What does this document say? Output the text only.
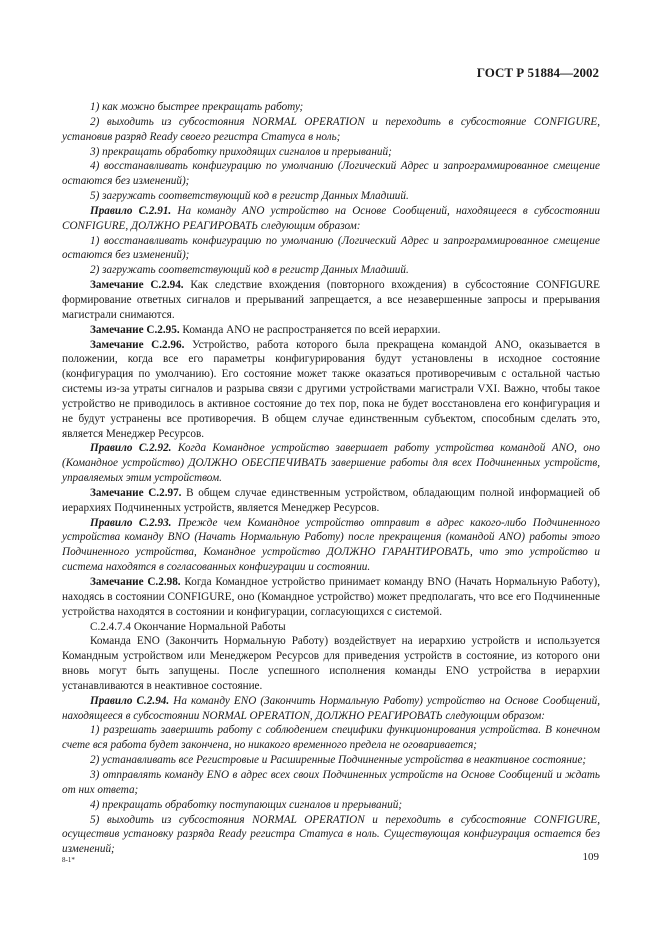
ГОСТ Р 51884—2002

1) как можно быстрее прекращать работу;

2) выходить из субсостояния NORMAL OPERATION и переходить в субсостояние CONFIGURE, установив разряд Ready своего регистра Статуса в ноль;

3) прекращать обработку приходящих сигналов и прерываний;

4) восстанавливать конфигурацию по умолчанию (Логический Адрес и запрограммированное смещение остаются без изменений);

5) загружать соответствующий код в регистр Данных Младший.

Правило С.2.91. На команду ANO устройство на Основе Сообщений, находящееся в субсостоянии CONFIGURE, ДОЛЖНО РЕАГИРОВАТЬ следующим образом:

1) восстанавливать конфигурацию по умолчанию (Логический Адрес и запрограммированное смещение остаются без изменений);

2) загружать соответствующий код в регистр Данных Младший.

Замечание С.2.94. Как следствие вхождения (повторного вхождения) в субсостояние CONFIGURE формирование ответных сигналов и прерываний запрещается, а все незавершенные запросы и прерывания магистрали снимаются.

Замечание С.2.95. Команда ANO не распространяется по всей иерархии.

Замечание С.2.96. Устройство, работа которого была прекращена командой ANO, оказывается в положении, когда все его параметры конфигурирования будут установлены в исходное состояние (конфигурация по умолчанию). Его состояние может также оказаться противоречивым с остальной частью системы из-за утраты сигналов и разрыва связи с другими устройствами магистрали VXI. Важно, чтобы такое устройство не приводилось в активное состояние до тех пор, пока не будет восстановлена его конфигурация и не будут устранены все противоречия. В общем случае единственным субъектом, способным сделать это, является Менеджер Ресурсов.

Правило С.2.92. Когда Командное устройство завершает работу устройства командой ANO, оно (Командное устройство) ДОЛЖНО ОБЕСПЕЧИВАТЬ завершение работы для всех Подчиненных устройств, управляемых этим устройством.

Замечание С.2.97. В общем случае единственным устройством, обладающим полной информацией об иерархиях Подчиненных устройств, является Менеджер Ресурсов.

Правило С.2.93. Прежде чем Командное устройство отправит в адрес какого-либо Подчиненного устройства команду BNO (Начать Нормальную Работу) после прекращения (командой ANO) работы этого Подчиненного устройства, Командное устройство ДОЛЖНО ГАРАНТИРОВАТЬ, что это устройство и система находятся в согласованных конфигурации и состоянии.

Замечание С.2.98. Когда Командное устройство принимает команду BNO (Начать Нормальную Работу), находясь в состоянии CONFIGURE, оно (Командное устройство) может предполагать, что все его Подчиненные устройства находятся в состоянии и конфигурации, согласующихся с системой.

С.2.4.7.4 Окончание Нормальной Работы

Команда ENO (Закончить Нормальную Работу) воздействует на иерархию устройств и используется Командным устройством или Менеджером Ресурсов для приведения устройств в состояние, из которого они вновь могут быть запущены. После успешного исполнения команды ENO устройства в иерархии устанавливаются в неактивное состояние.

Правило С.2.94. На команду ENO (Закончить Нормальную Работу) устройство на Основе Сообщений, находящееся в субсостоянии NORMAL OPERATION, ДОЛЖНО РЕАГИРОВАТЬ следующим образом:

1) разрешать завершить работу с соблюдением специфики функционирования устройства. В конечном счете вся работа будет закончена, но никакого временного предела не оговаривается;

2) устанавливать все Регистровые и Расширенные Подчиненные устройства в неактивное состояние;

3) отправлять команду ENO в адрес всех своих Подчиненных устройств на Основе Сообщений и ждать от них ответа;

4) прекращать обработку поступающих сигналов и прерываний;

5) выходить из субсостояния NORMAL OPERATION и переходить в субсостояние CONFIGURE, осуществив установку разряда Ready регистра Статуса в ноль. Существующая конфигурация остается без изменений;

8-1*	109
